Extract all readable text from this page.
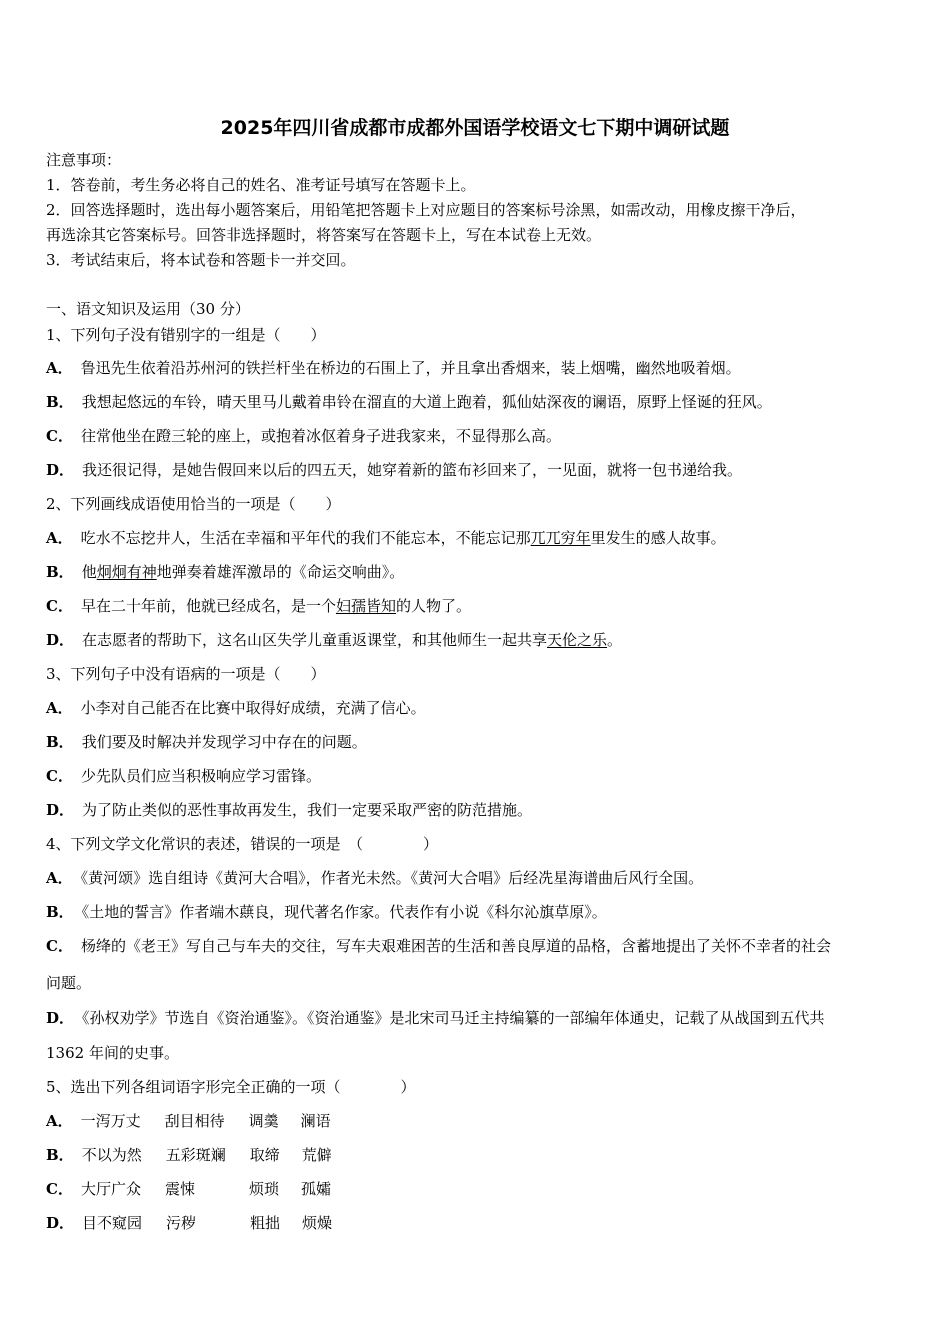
2025年四川省成都市成都外国语学校语文七下期中调研试题
注意事项：
1．答卷前，考生务必将自己的姓名、准考证号填写在答题卡上。
2．回答选择题时，选出每小题答案后，用铅笔把答题卡上对应题目的答案标号涂黑，如需改动，用橡皮擦干净后，
再选涂其它答案标号。回答非选择题时，将答案写在答题卡上，写在本试卷上无效。
3．考试结束后，将本试卷和答题卡一并交回。
一、语文知识及运用（30 分）
1、下列句子没有错别字的一组是（　　）
A． 鲁迅先生依着沿苏州河的铁拦杆坐在桥边的石围上了，并且拿出香烟来，装上烟嘴，幽然地吸着烟。
B． 我想起悠远的车铃，晴天里马儿戴着串铃在溜直的大道上跑着，狐仙姑深夜的谰语，原野上怪诞的狂风。
C． 往常他坐在蹬三轮的座上，或抱着冰伛着身子进我家来，不显得那么高。
D． 我还很记得，是她告假回来以后的四五天，她穿着新的篮布衫回来了，一见面，就将一包书递给我。
2、下列画线成语使用恰当的一项是（　　）
A． 吃水不忘挖井人，生活在幸福和平年代的我们不能忘本，不能忘记那兀兀穷年里发生的感人故事。
B． 他炯炯有神地弹奏着雄浑激昂的《命运交响曲》。
C． 早在二十年前，他就已经成名，是一个妇孺皆知的人物了。
D． 在志愿者的帮助下，这名山区失学儿童重返课堂，和其他师生一起共享天伦之乐。
3、下列句子中没有语病的一项是（　　）
A． 小李对自己能否在比赛中取得好成绩，充满了信心。
B． 我们要及时解决并发现学习中存在的问题。
C． 少先队员们应当积极响应学习雷锋。
D． 为了防止类似的恶性事故再发生，我们一定要采取严密的防范措施。
4、下列文学文化常识的表述，错误的一项是　（　　　　）
A． 《黄河颂》选自组诗《黄河大合唱》，作者光未然。《黄河大合唱》后经冼星海谱曲后风行全国。
B． 《土地的誓言》作者端木蕻良，现代著名作家。代表作有小说《科尔沁旗草原》。
C． 杨绛的《老王》写自己与车夫的交往，写车夫艰难困苦的生活和善良厚道的品格，含蓄地提出了关怀不幸者的社会
问题。
D． 《孙权劝学》节选自《资治通鉴》。《资治通鉴》是北宋司马迁主持编纂的一部编年体通史，记载了从战国到五代共
1362 年间的史事。
5、选出下列各组词语字形完全正确的一项（　　　　）
A． 一泻万丈 刮目相待 调羹 澜语
B． 不以为然 五彩斑斓 取缔 荒僻
C． 大厅广众 震悚	烦琐 孤孀
D． 目不窥园 污秽	粗拙 烦燥
